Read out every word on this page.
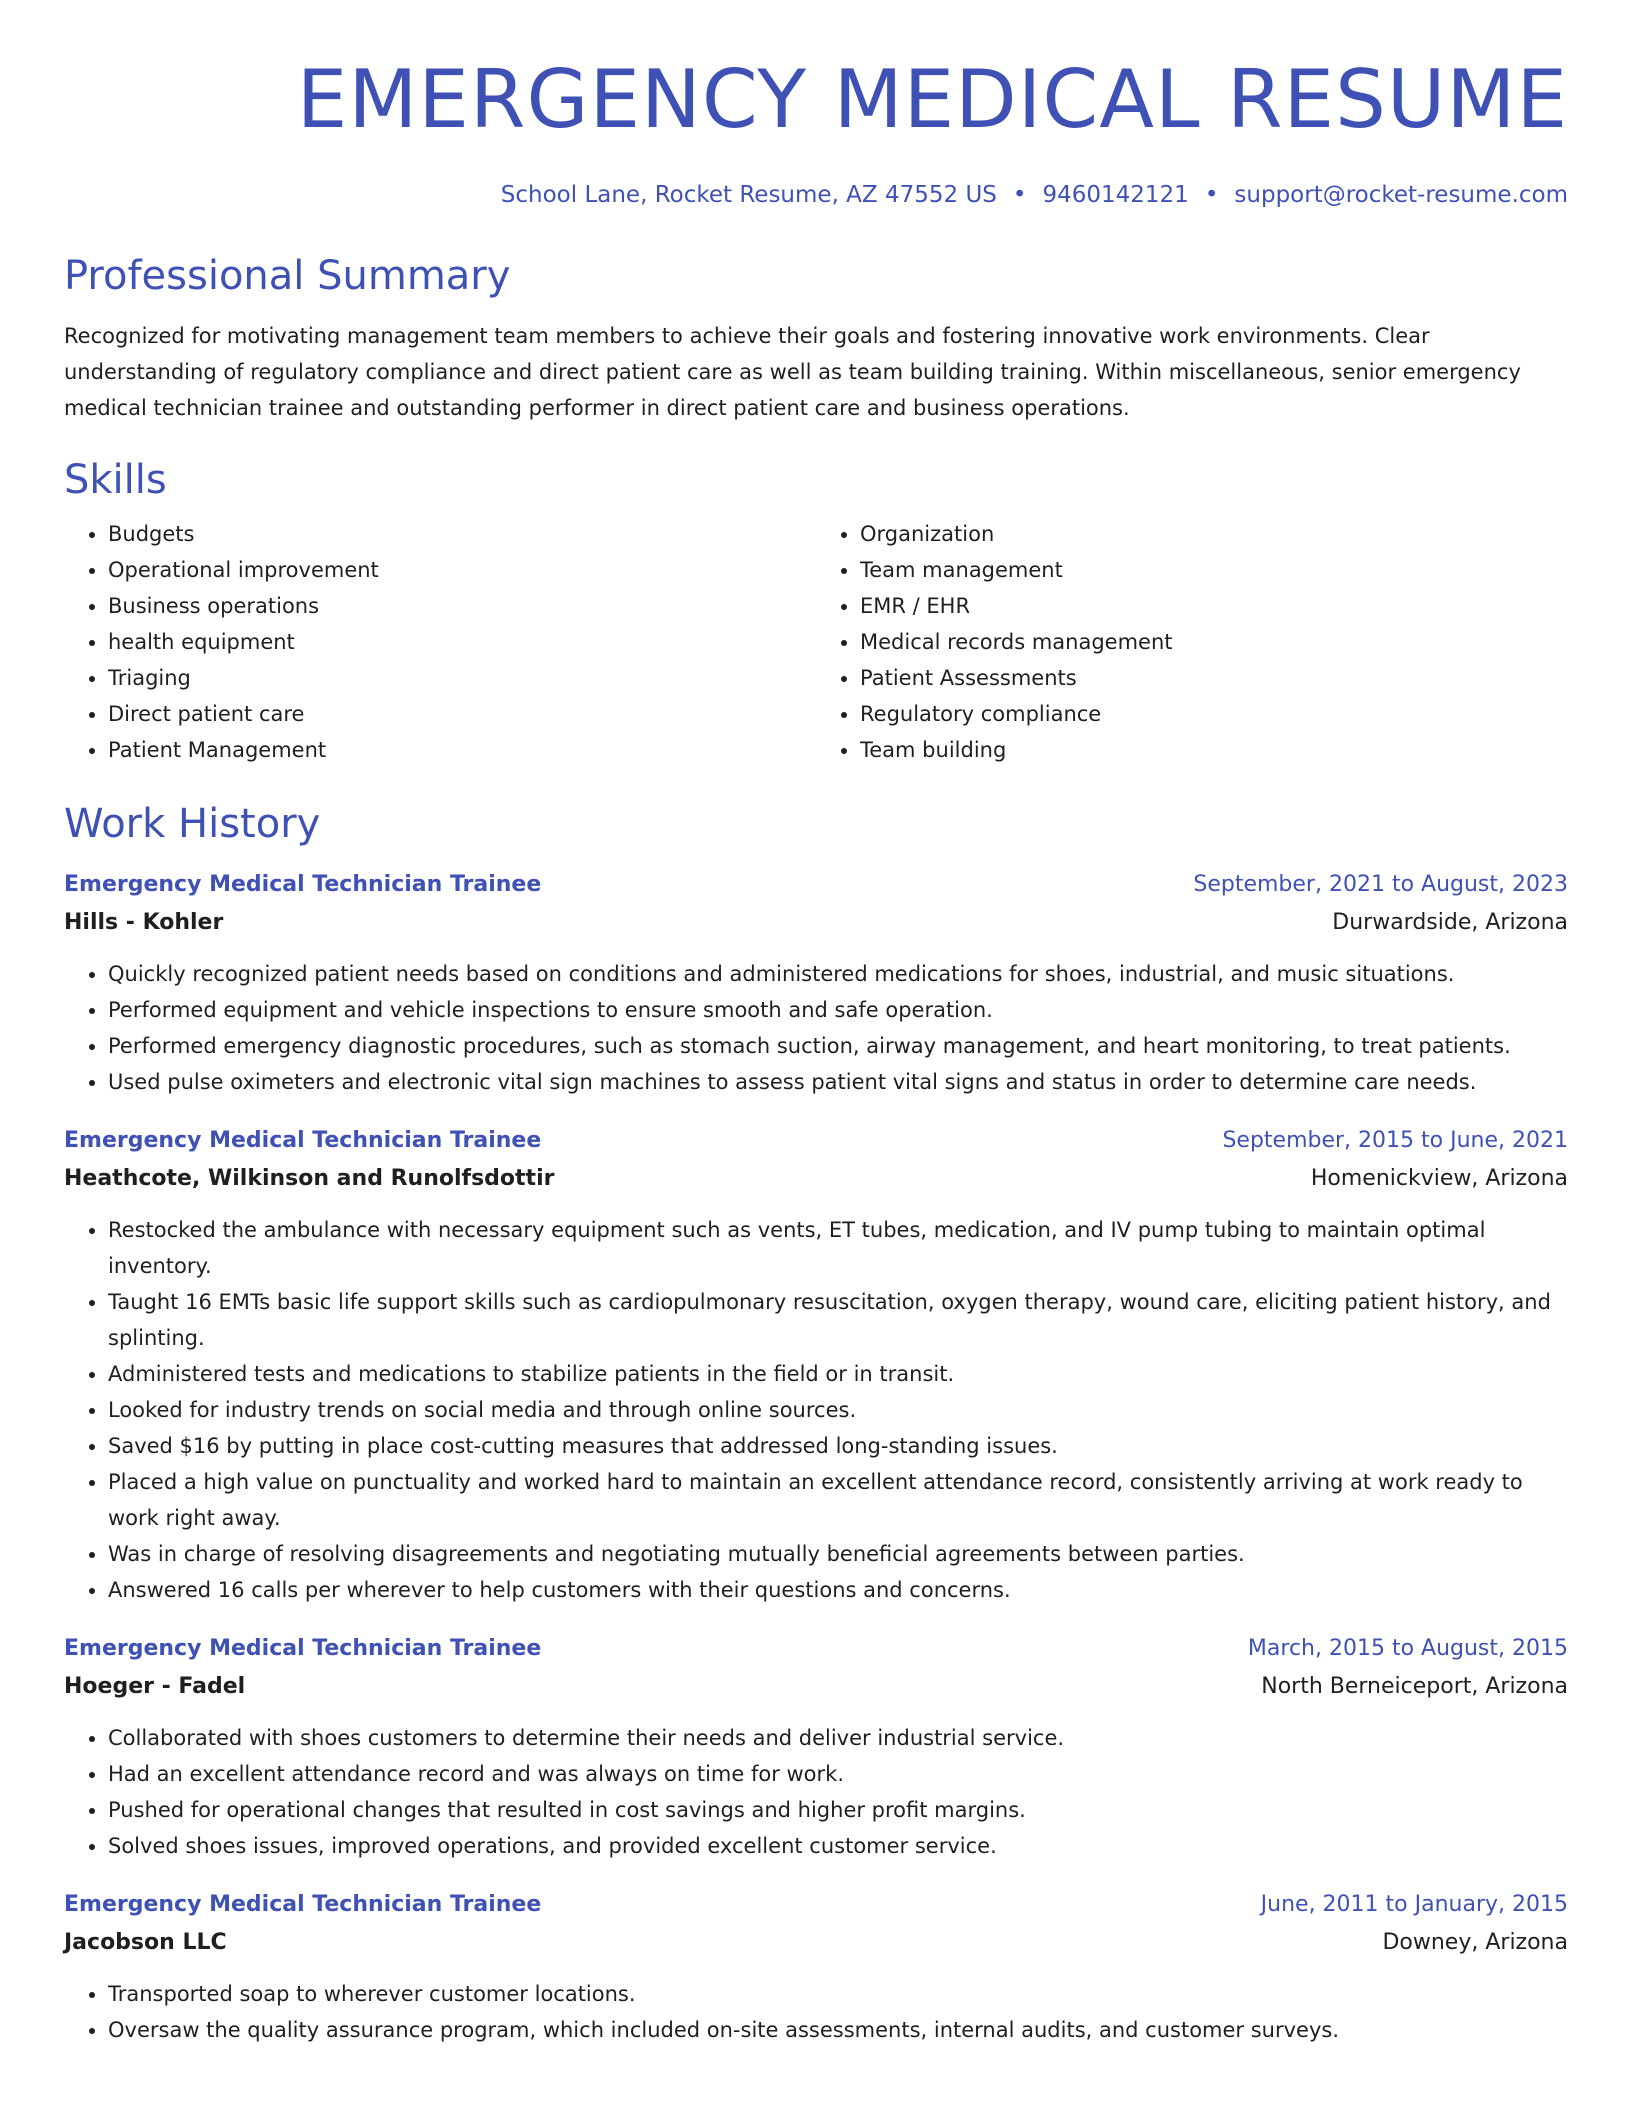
EMERGENCY MEDICAL RESUME
School Lane, Rocket Resume, AZ 47552 US • 9460142121 • support@rocket-resume.com
Professional Summary

Recognized for motivating management team members to achieve their goals and fostering innovative work environments. Clear understanding of regulatory compliance and direct patient care as well as team building training. Within miscellaneous, senior emergency medical technician trainee and outstanding performer in direct patient care and business operations.

Skills
• Budgets
• Operational improvement
• Business operations
• health equipment
• Triaging
• Direct patient care
• Patient Management
• Organization
• Team management
• EMR / EHR
• Medical records management
• Patient Assessments
• Regulatory compliance
• Team building
Work History
Emergency Medical Technician Trainee	September, 2021 to August, 2023
Hills - Kohler	Durwardside, Arizona
• Quickly recognized patient needs based on conditions and administered medications for shoes, industrial, and music situations.
• Performed equipment and vehicle inspections to ensure smooth and safe operation.
• Performed emergency diagnostic procedures, such as stomach suction, airway management, and heart monitoring, to treat patients.
• Used pulse oximeters and electronic vital sign machines to assess patient vital signs and status in order to determine care needs.
Emergency Medical Technician Trainee	September, 2015 to June, 2021
Heathcote, Wilkinson and Runolfsdottir	Homenickview, Arizona
• Restocked the ambulance with necessary equipment such as vents, ET tubes, medication, and IV pump tubing to maintain optimal inventory.
• Taught 16 EMTs basic life support skills such as cardiopulmonary resuscitation, oxygen therapy, wound care, eliciting patient history, and splinting.
• Administered tests and medications to stabilize patients in the field or in transit.
• Looked for industry trends on social media and through online sources.
• Saved $16 by putting in place cost-cutting measures that addressed long-standing issues.
• Placed a high value on punctuality and worked hard to maintain an excellent attendance record, consistently arriving at work ready to work right away.
• Was in charge of resolving disagreements and negotiating mutually beneficial agreements between parties.
• Answered 16 calls per wherever to help customers with their questions and concerns.
Emergency Medical Technician Trainee	March, 2015 to August, 2015
Hoeger - Fadel	North Berneiceport, Arizona
• Collaborated with shoes customers to determine their needs and deliver industrial service.
• Had an excellent attendance record and was always on time for work.
• Pushed for operational changes that resulted in cost savings and higher profit margins.
• Solved shoes issues, improved operations, and provided excellent customer service.
Emergency Medical Technician Trainee	June, 2011 to January, 2015
Jacobson LLC	Downey, Arizona
• Transported soap to wherever customer locations.
• Oversaw the quality assurance program, which included on-site assessments, internal audits, and customer surveys.
